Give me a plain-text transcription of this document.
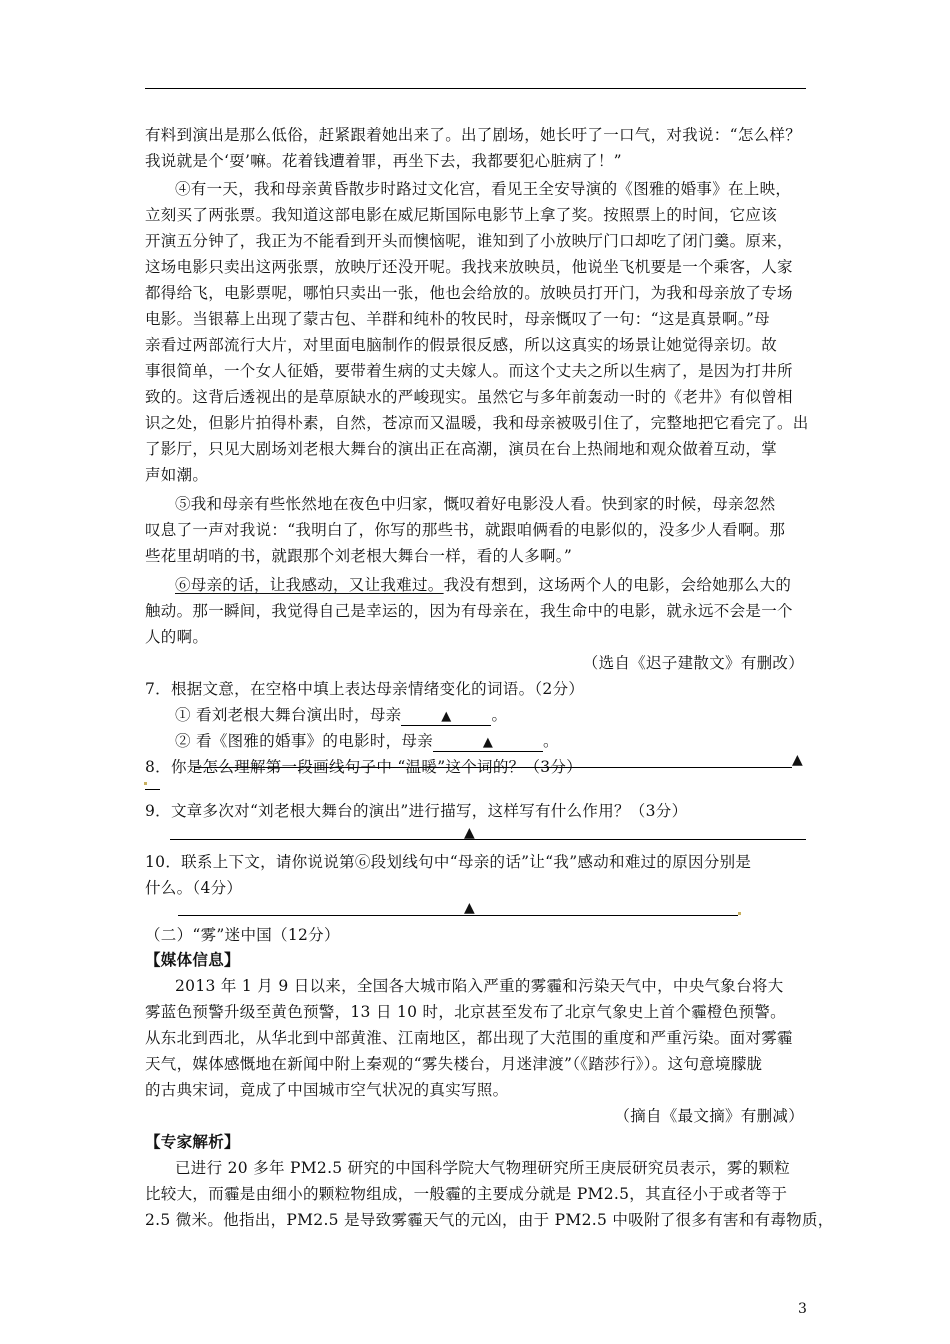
有料到演出是那么低俗，赶紧跟着她出来了。出了剧场，她长吁了一口气，对我说：“怎么样？
我说就是个‘耍’嘛。花着钱遭着罪，再坐下去，我都要犯心脏病了！”
④有一天，我和母亲黄昏散步时路过文化宫，看见王全安导演的《图雅的婚事》在上映，
立刻买了两张票。我知道这部电影在威尼斯国际电影节上拿了奖。按照票上的时间，它应该
开演五分钟了，我正为不能看到开头而懊恼呢，谁知到了小放映厅门口却吃了闭门羹。原来，
这场电影只卖出这两张票，放映厅还没开呢。我找来放映员，他说坐飞机要是一个乘客，人家
都得给飞，电影票呢，哪怕只卖出一张，他也会给放的。放映员打开门，为我和母亲放了专场
电影。当银幕上出现了蒙古包、羊群和纯朴的牧民时，母亲慨叹了一句：“这是真景啊。”母
亲看过两部流行大片，对里面电脑制作的假景很反感，所以这真实的场景让她觉得亲切。故
事很简单，一个女人征婚，要带着生病的丈夫嫁人。而这个丈夫之所以生病了，是因为打井所
致的。这背后透视出的是草原缺水的严峻现实。虽然它与多年前轰动一时的《老井》有似曾相
识之处，但影片拍得朴素，自然，苍凉而又温暖，我和母亲被吸引住了，完整地把它看完了。出
了影厅，只见大剧场刘老根大舞台的演出正在高潮，演员在台上热闹地和观众做着互动，掌
声如潮。
⑤我和母亲有些怅然地在夜色中归家，慨叹着好电影没人看。快到家的时候，母亲忽然
叹息了一声对我说：“我明白了，你写的那些书，就跟咱俩看的电影似的，没多少人看啊。那
些花里胡哨的书，就跟那个刘老根大舞台一样，看的人多啊。”
⑥母亲的话，让我感动，又让我难过。我没有想到，这场两个人的电影，会给她那么大的
触动。那一瞬间，我觉得自己是幸运的，因为有母亲在，我生命中的电影，就永远不会是一个
人的啊。
（选自《迟子建散文》有删改）
7．根据文意，在空格中填上表达母亲情绪变化的词语。（2分）
① 看刘老根大舞台演出时，母亲	▲	。
② 看《图雅的婚事》的电影时，母亲	▲	。
8．你是怎么理解第一段画线句子中 “温暖”这个词的？（3分）	▲
9．文章多次对“刘老根大舞台的演出”进行描写，这样写有什么作用？（3分）
▲
10．联系上下文，请你说说第⑥段划线句中“母亲的话”让“我”感动和难过的原因分别是
什么。（4分）
▲
（二）“雾”迷中国（12分）
【媒体信息】
2013 年 1 月 9 日以来，全国各大城市陷入严重的雾霾和污染天气中，中央气象台将大
雾蓝色预警升级至黄色预警，13 日 10 时，北京甚至发布了北京气象史上首个霾橙色预警。
从东北到西北，从华北到中部黄淮、江南地区，都出现了大范围的重度和严重污染。面对雾霾
天气，媒体感慨地在新闻中附上秦观的“雾失楼台，月迷津渡”（《踏莎行》）。这句意境朦胧
的古典宋词，竟成了中国城市空气状况的真实写照。
（摘自《最文摘》有删减）
【专家解析】
已进行 20 多年 PM2.5 研究的中国科学院大气物理研究所王庚辰研究员表示，雾的颗粒
比较大，而霾是由细小的颗粒物组成，一般霾的主要成分就是 PM2.5，其直径小于或者等于
2.5 微米。他指出，PM2.5 是导致雾霾天气的元凶，由于 PM2.5 中吸附了很多有害和有毒物质，
3
